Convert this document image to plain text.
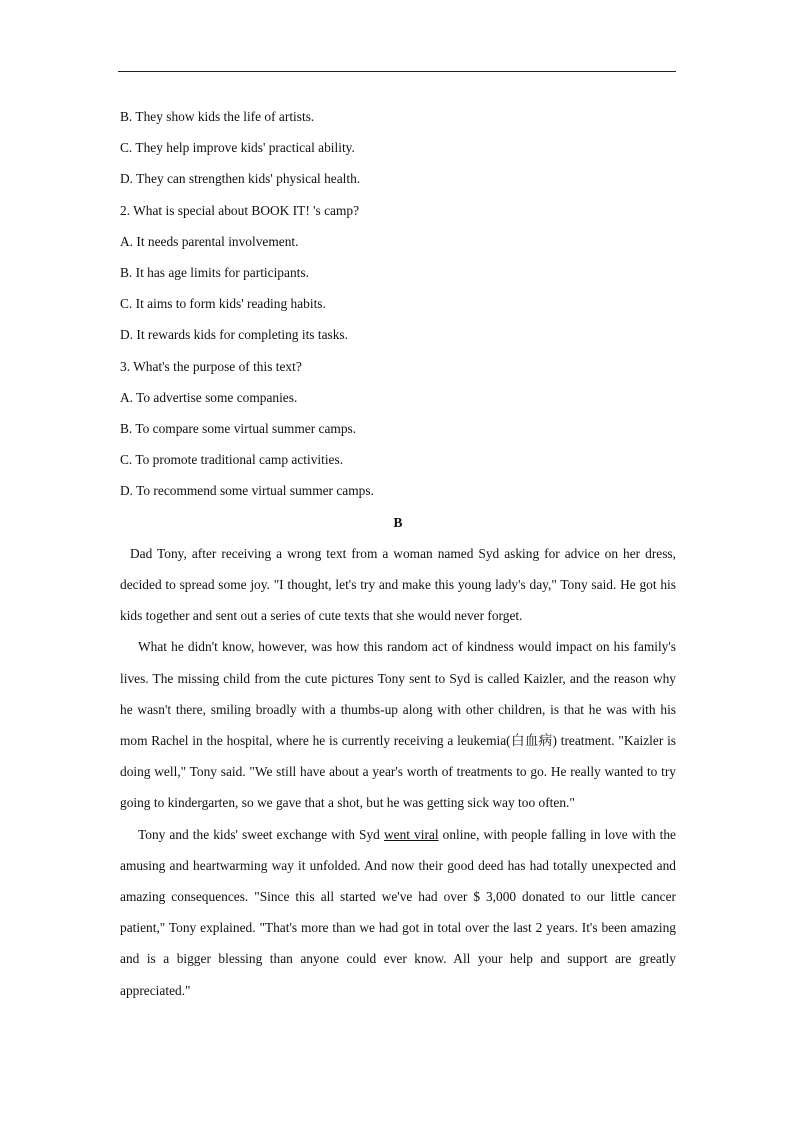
B. They show kids the life of artists.

C. They help improve kids' practical ability.

D. They can strengthen kids' physical health.

2. What is special about BOOK IT! 's camp?

A. It needs parental involvement.

B. It has age limits for participants.

C. It aims to form kids' reading habits.

D. It rewards kids for completing its tasks.

3. What's the purpose of this text?

A. To advertise some companies.

B. To compare some virtual summer camps.

C. To promote traditional camp activities.

D. To recommend some virtual summer camps.

B

Dad Tony, after receiving a wrong text from a woman named Syd asking for advice on her dress, decided to spread some joy. "I thought, let's try and make this young lady's day," Tony said. He got his kids together and sent out a series of cute texts that she would never forget.

What he didn't know, however, was how this random act of kindness would impact on his family's lives. The missing child from the cute pictures Tony sent to Syd is called Kaizler, and the reason why he wasn't there, smiling broadly with a thumbs-up along with other children, is that he was with his mom Rachel in the hospital, where he is currently receiving a leukemia(白血病) treatment. "Kaizler is doing well," Tony said. "We still have about a year's worth of treatments to go. He really wanted to try going to kindergarten, so we gave that a shot, but he was getting sick way too often."

Tony and the kids' sweet exchange with Syd went viral online, with people falling in love with the amusing and heartwarming way it unfolded. And now their good deed has had totally unexpected and amazing consequences. "Since this all started we've had over $ 3,000 donated to our little cancer patient," Tony explained. "That's more than we had got in total over the last 2 years. It's been amazing and is a bigger blessing than anyone could ever know. All your help and support are greatly appreciated."
